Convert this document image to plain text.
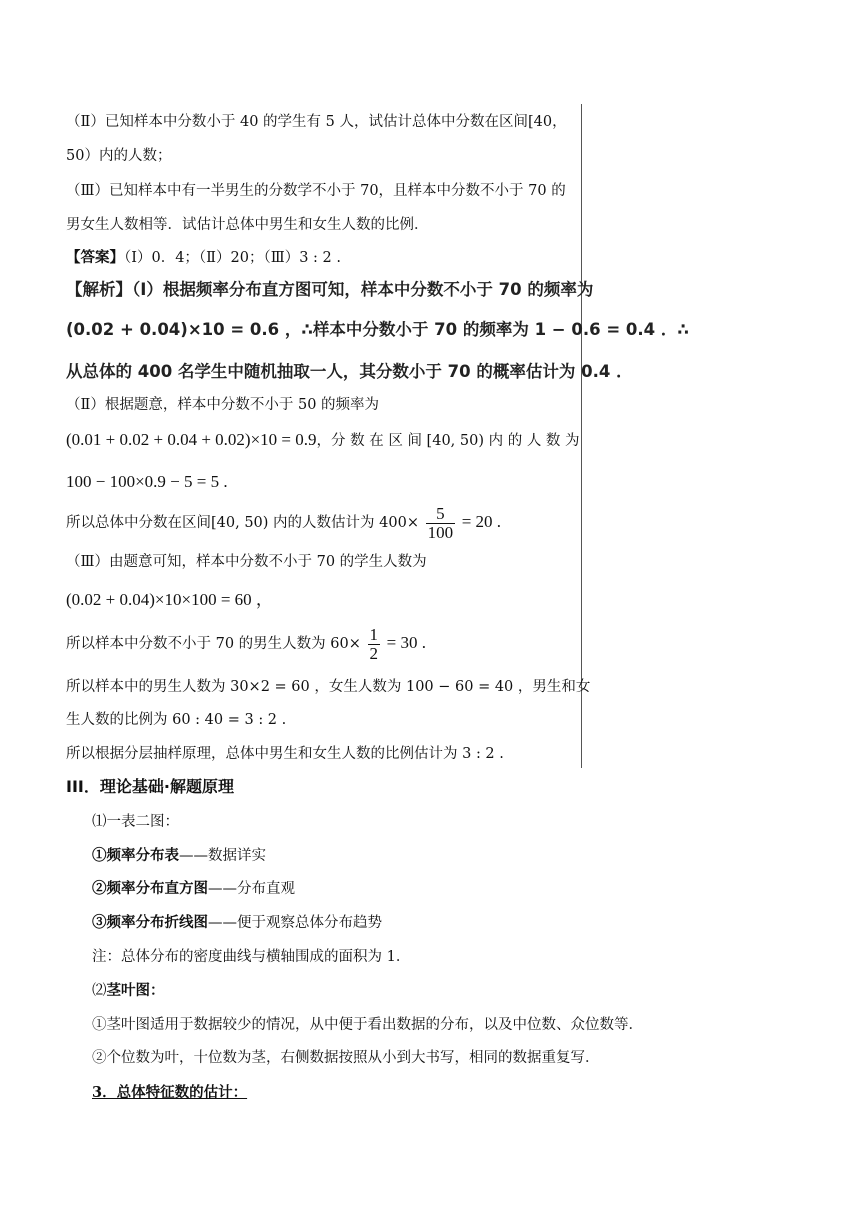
（Ⅱ）已知样本中分数小于 40 的学生有 5 人，试估计总体中分数在区间[40，
50）内的人数；
（Ⅲ）已知样本中有一半男生的分数学不小于 70，且样本中分数不小于 70 的
男女生人数相等．试估计总体中男生和女生人数的比例．
【答案】（Ⅰ）0．4；（Ⅱ）20；（Ⅲ）3 : 2 .
【解析】（Ⅰ）根据频率分布直方图可知，样本中分数不小于 70 的频率为
(0.02 + 0.04)×10 = 0.6 ，∴样本中分数小于 70 的频率为 1 − 0.6 = 0.4 ．∴
从总体的 400 名学生中随机抽取一人，其分数小于 70 的概率估计为 0.4 ．
（Ⅱ）根据题意，样本中分数不小于 50 的频率为
(0.01 + 0.02 + 0.04 + 0.02)×10 = 0.9，分 数 在 区 间 [40, 50) 内 的 人 数 为
100 − 100×0.9 − 5 = 5 .
所以总体中分数在区间[40, 50) 内的人数估计为 $400\times \frac{5}{100} = 20$ .
（Ⅲ）由题意可知，样本中分数不小于 70 的学生人数为
(0.02 + 0.04)×10×100 = 60 ，
所以样本中分数不小于 70 的男生人数为 $60\times \frac{1}{2} = 30$ .
所以样本中的男生人数为 30×2 = 60 ，女生人数为 100 − 60 = 40 ，男生和女
生人数的比例为 60 : 40 = 3 : 2 .
所以根据分层抽样原理，总体中男生和女生人数的比例估计为 3 : 2 .
III．理论基础·解题原理
⑴一表二图：
①频率分布表——数据详实
②频率分布直方图——分布直观
③频率分布折线图——便于观察总体分布趋势
注：总体分布的密度曲线与横轴围成的面积为 1．
⑵茎叶图：
①茎叶图适用于数据较少的情况，从中便于看出数据的分布，以及中位数、众位数等．
②个位数为叶，十位数为茎，右侧数据按照从小到大书写，相同的数据重复写．
3．总体特征数的估计：
